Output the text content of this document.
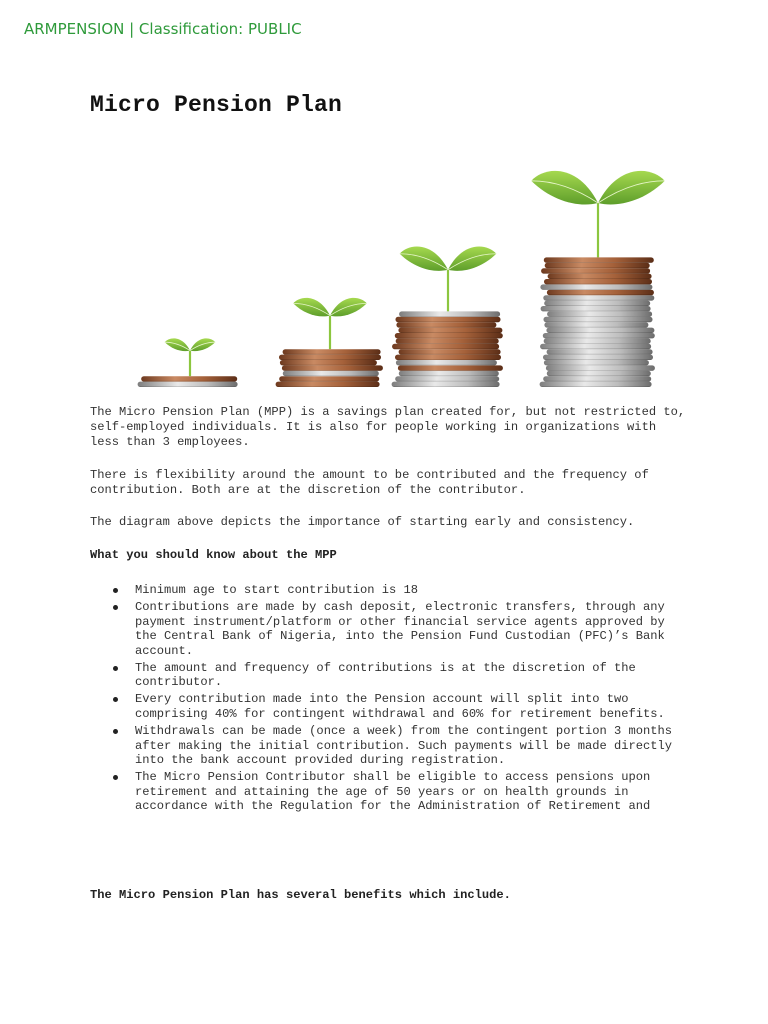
ARMPENSION | Classification: PUBLIC
Micro Pension Plan

The Micro Pension Plan (MPP) is a savings plan created for, but not restricted to, self-employed individuals. It is also for people working in organizations with less than 3 employees.

There is flexibility around the amount to be contributed and the frequency of contribution. Both are at the discretion of the contributor.

The diagram above depicts the importance of starting early and consistency.

What you should know about the MPP
Minimum age to start contribution is 18
Contributions are made by cash deposit, electronic transfers, through any payment instrument/platform or other financial service agents approved by the Central Bank of Nigeria, into the Pension Fund Custodian (PFC)’s Bank account.
The amount and frequency of contributions is at the discretion of the contributor.
Every contribution made into the Pension account will split into two comprising 40% for contingent withdrawal and 60% for retirement benefits.
Withdrawals can be made (once a week) from the contingent portion 3 months after making the initial contribution. Such payments will be made directly into the bank account provided during registration.
The Micro Pension Contributor shall be eligible to access pensions upon retirement and attaining the age of 50 years or on health grounds in accordance with the Regulation for the Administration of Retirement and

The Micro Pension Plan has several benefits which include.
